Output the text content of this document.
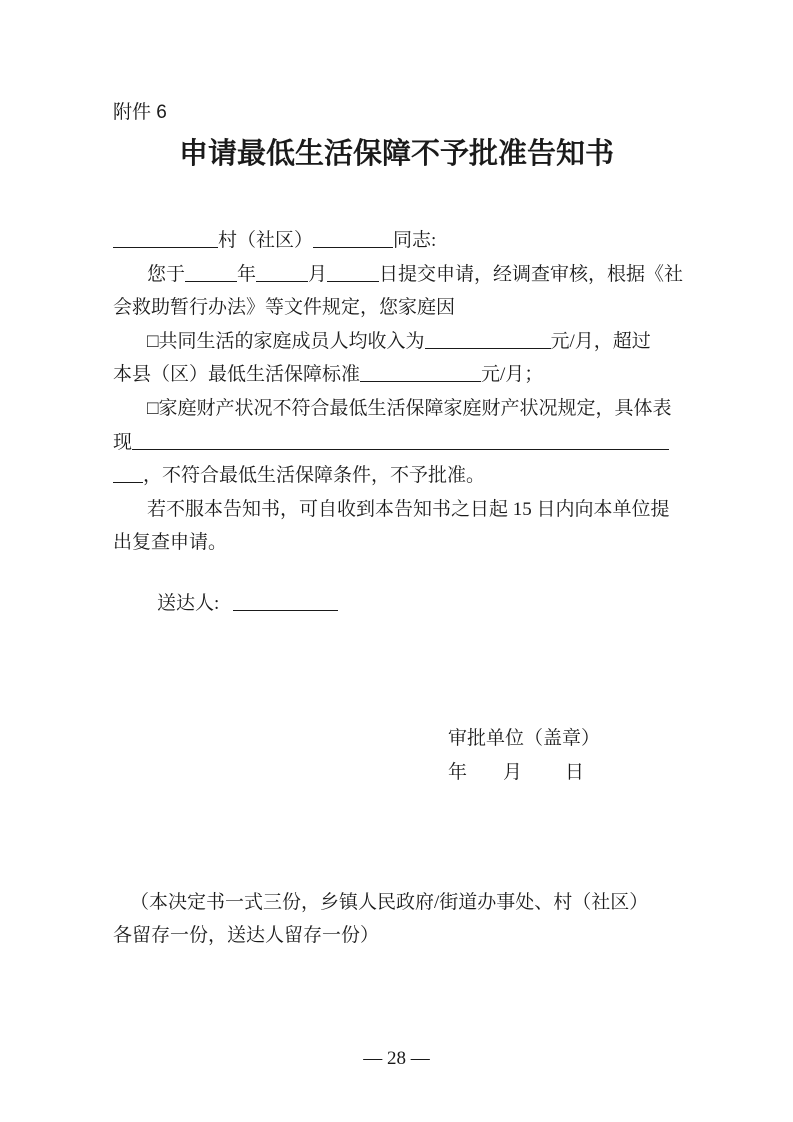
附件 6
申请最低生活保障不予批准告知书
村（社区）	同志:
您于	年	月	日提交申请，经调查审核，根据《社
会救助暂行办法》等文件规定，您家庭因
□共同生活的家庭成员人均收入为	元/月，超过
本县（区）最低生活保障标准	元/月；
□家庭财产状况不符合最低生活保障家庭财产状况规定，具体表
现
，不符合最低生活保障条件，不予批准。
若不服本告知书，可自收到本告知书之日起 15 日内向本单位提
出复查申请。
送达人:
审批单位（盖章）
年 月 日
（本决定书一式三份，乡镇人民政府/街道办事处、村（社区）
各留存一份，送达人留存一份）
— 28 —
